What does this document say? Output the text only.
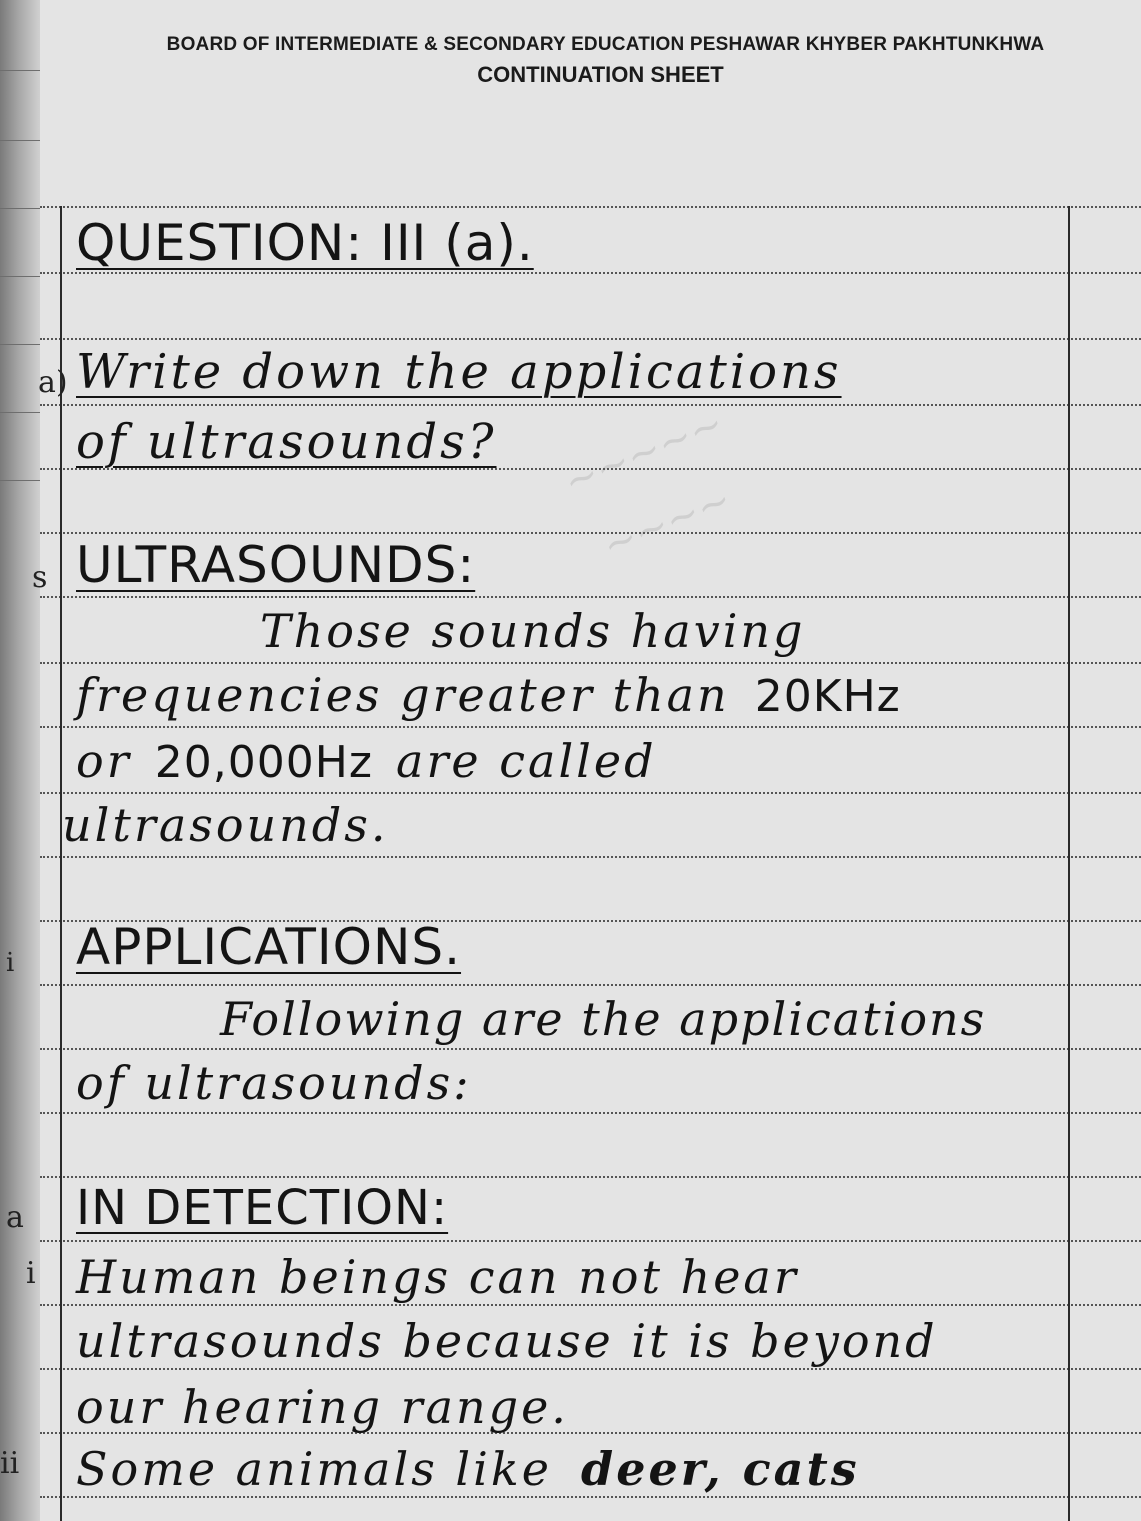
BOARD OF INTERMEDIATE & SECONDARY EDUCATION PESHAWAR KHYBER PAKHTUNKHWA
CONTINUATION SHEET
~~~~~
~~~~
a)
s
i
a
i
ii
QUESTION: III (a).
Write down the applications
of ultrasounds?
ULTRASOUNDS:
Those sounds having
frequencies greater than 20KHz
or 20,000Hz are called
ultrasounds.
APPLICATIONS.
Following are the applications
of ultrasounds:
IN DETECTION:
Human beings can not hear
ultrasounds because it is beyond
our hearing range.
Some animals like deer, cats
